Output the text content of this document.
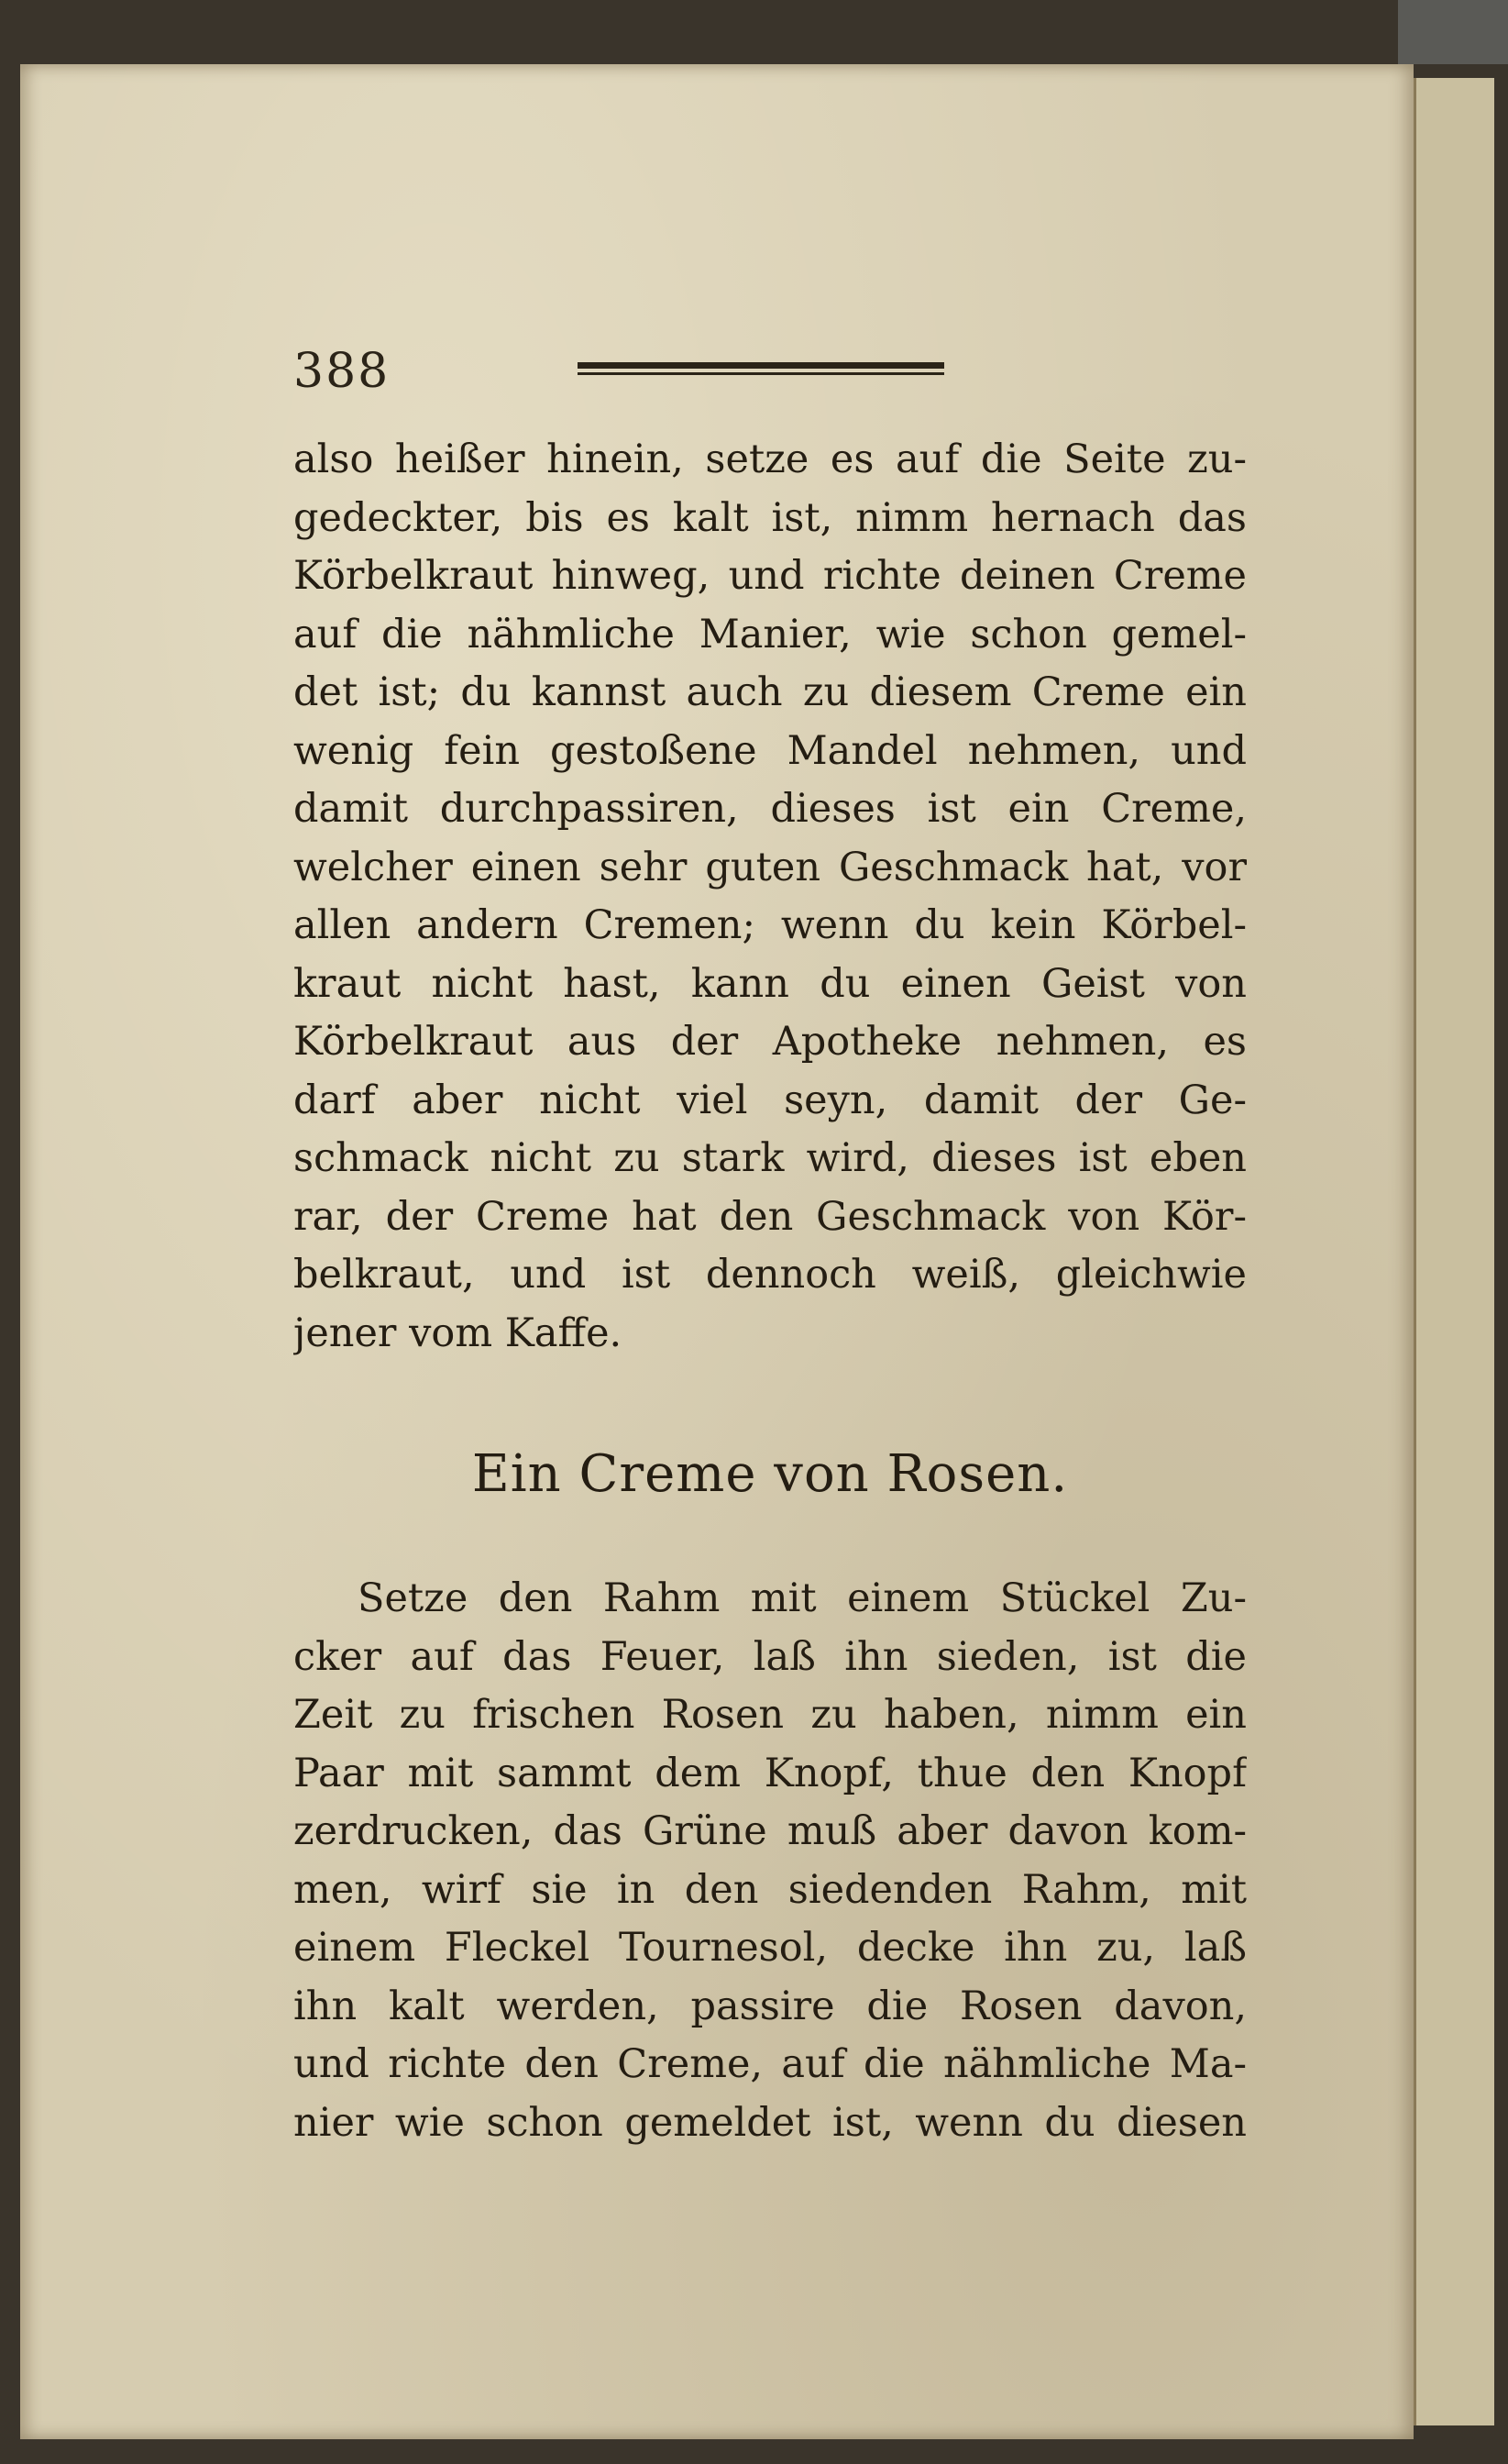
388
also heißer hinein, setze es auf die Seite zu-
gedeckter, bis es kalt ist, nimm hernach das
Körbelkraut hinweg, und richte deinen Creme
auf die nähmliche Manier, wie schon gemel-
det ist; du kannst auch zu diesem Creme ein
wenig fein gestoßene Mandel nehmen, und
damit durchpassiren, dieses ist ein Creme,
welcher einen sehr guten Geschmack hat, vor
allen andern Cremen; wenn du kein Körbel-
kraut nicht hast, kann du einen Geist von
Körbelkraut aus der Apotheke nehmen, es
darf aber nicht viel seyn, damit der Ge-
schmack nicht zu stark wird, dieses ist eben
rar, der Creme hat den Geschmack von Kör-
belkraut, und ist dennoch weiß, gleichwie
jener vom Kaffe.
Ein Creme von Rosen.
Setze den Rahm mit einem Stückel Zu-
cker auf das Feuer, laß ihn sieden, ist die
Zeit zu frischen Rosen zu haben, nimm ein
Paar mit sammt dem Knopf, thue den Knopf
zerdrucken, das Grüne muß aber davon kom-
men, wirf sie in den siedenden Rahm, mit
einem Fleckel Tournesol, decke ihn zu, laß
ihn kalt werden, passire die Rosen davon,
und richte den Creme, auf die nähmliche Ma-
nier wie schon gemeldet ist, wenn du diesen
